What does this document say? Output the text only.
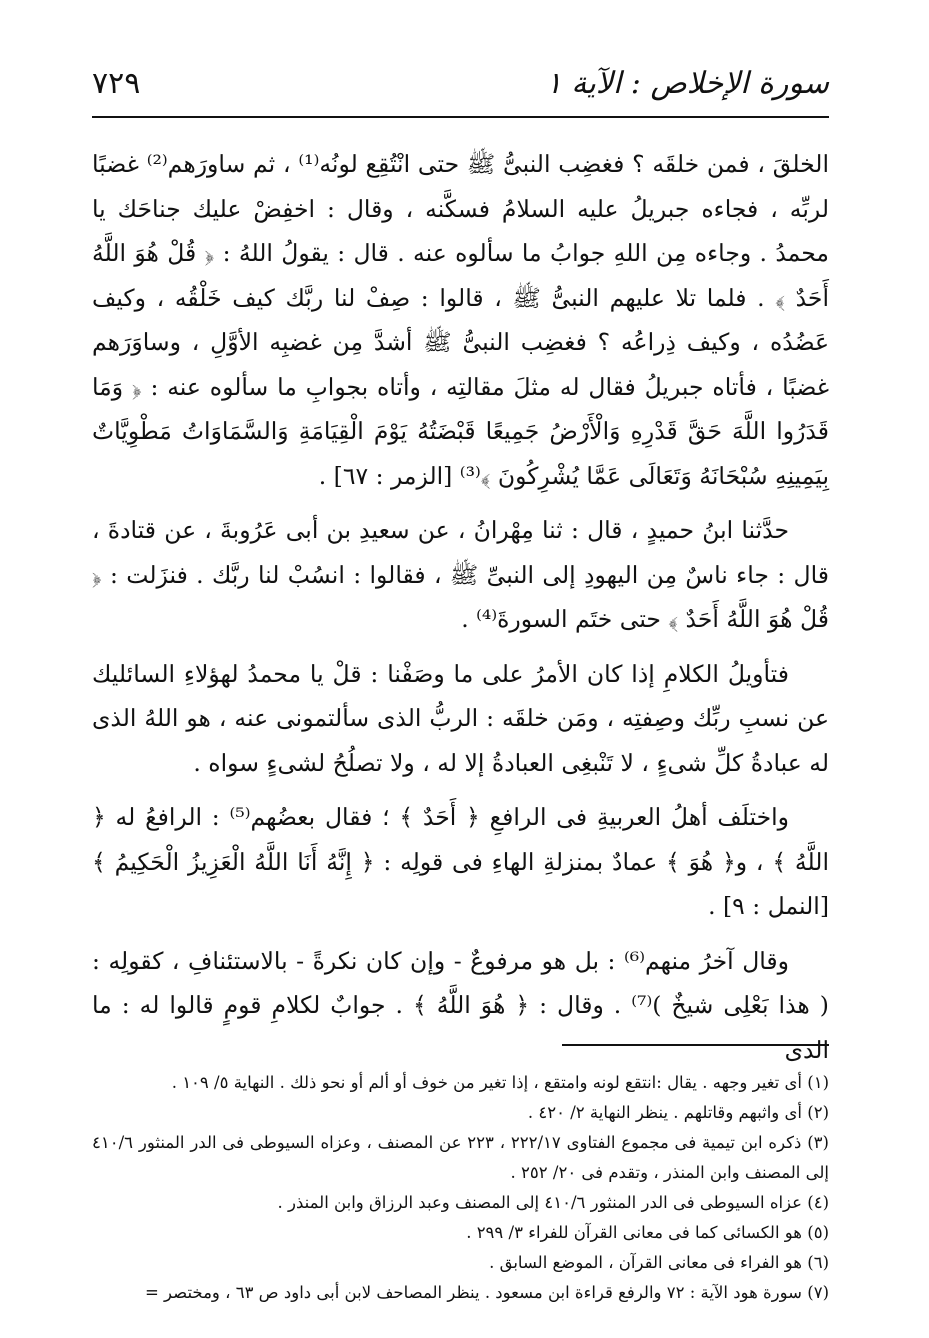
سورة الإخلاص : الآية ١
٧٢٩

الخلقَ ، فمن خلقَه ؟ فغضِب النبىُّ ﷺ حتى انْتُقِع لونُه⁽¹⁾ ، ثم ساورَهم⁽²⁾ غضبًا لربِّه ، فجاءه جبريلُ عليه السلامُ فسكَّنه ، وقال : اخفِضْ عليك جناحَك يا محمدُ . وجاءه مِن اللهِ جوابُ ما سألوه عنه . قال : يقولُ اللهُ : ﴿ قُلْ هُوَ اللَّهُ أَحَدٌ ﴾ . فلما تلا عليهم النبىُّ ﷺ ، قالوا : صِفْ لنا ربَّك كيف خَلْقُه ، وكيف عَضُدُه ، وكيف ذِراعُه ؟ فغضِب النبىُّ ﷺ أشدَّ مِن غضبِه الأوَّلِ ، وساوَرَهم غضبًا ، فأتاه جبريلُ فقال له مثلَ مقالتِه ، وأتاه بجوابِ ما سألوه عنه : ﴿ وَمَا قَدَرُوا اللَّهَ حَقَّ قَدْرِهِ وَالْأَرْضُ جَمِيعًا قَبْضَتُهُ يَوْمَ الْقِيَامَةِ وَالسَّمَاوَاتُ مَطْوِيَّاتٌ بِيَمِينِهِ سُبْحَانَهُ وَتَعَالَى عَمَّا يُشْرِكُونَ ﴾⁽³⁾ [الزمر : ٦٧] .

حدَّثنا ابنُ حميدٍ ، قال : ثنا مِهْرانُ ، عن سعيدِ بن أبى عَرُوبةَ ، عن قتادةَ ، قال : جاء ناسٌ مِن اليهودِ إلى النبىِّ ﷺ ، فقالوا : انسُبْ لنا ربَّك . فنزَلت : ﴿ قُلْ هُوَ اللَّهُ أَحَدٌ ﴾ حتى ختَم السورةَ⁽⁴⁾ .

فتأويلُ الكلامِ إذا كان الأمرُ على ما وصَفْنا : قلْ يا محمدُ لهؤلاءِ السائليك عن نسبِ ربِّك وصِفتِه ، ومَن خلقَه : الربُّ الذى سألتمونى عنه ، هو اللهُ الذى له عبادةُ كلِّ شىءٍ ، لا تَنْبغِى العبادةُ إلا له ، ولا تصلُحُ لشىءٍ سواه .

واختلَف أهلُ العربيةِ فى الرافعِ ﴿ أَحَدٌ ﴾ ؛ فقال بعضُهم⁽⁵⁾ : الرافعُ له ﴿ اللَّهُ ﴾ ، و﴿ هُوَ ﴾ عمادٌ بمنزلةِ الهاءِ فى قولِه : ﴿ إِنَّهُ أَنَا اللَّهُ الْعَزِيزُ الْحَكِيمُ ﴾ [النمل : ٩] .

وقال آخرُ منهم⁽⁶⁾ : بل هو مرفوعٌ - وإن كان نكرةً - بالاستئنافِ ، كقولِه : ( هذا بَعْلِى شيخٌ )⁽⁷⁾ . وقال : ﴿ هُوَ اللَّهُ ﴾ . جوابٌ لكلامِ قومٍ قالوا له : ما الذى

(١) أى تغير وجهه . يقال :انتقع لونه وامتقع ، إذا تغير من خوف أو ألم أو نحو ذلك . النهاية ٥/ ١٠٩ .

(٢) أى واثبهم وقاتلهم . ينظر النهاية ٢/ ٤٢٠ .

(٣) ذكره ابن تيمية فى مجموع الفتاوى ٢٢٢/١٧ ، ٢٢٣ عن المصنف ، وعزاه السيوطى فى الدر المنثور ٤١٠/٦ إلى المصنف وابن المنذر ، وتقدم فى ٢٠/ ٢٥٢ .

(٤) عزاه السيوطى فى الدر المنثور ٤١٠/٦ إلى المصنف وعبد الرزاق وابن المنذر .

(٥) هو الكسائى كما فى معانى القرآن للفراء ٣/ ٢٩٩ .

(٦) هو الفراء فى معانى القرآن ، الموضع السابق .

(٧) سورة هود الآية : ٧٢ والرفع قراءة ابن مسعود . ينظر المصاحف لابن أبى داود ص ٦٣ ، ومختصر =
